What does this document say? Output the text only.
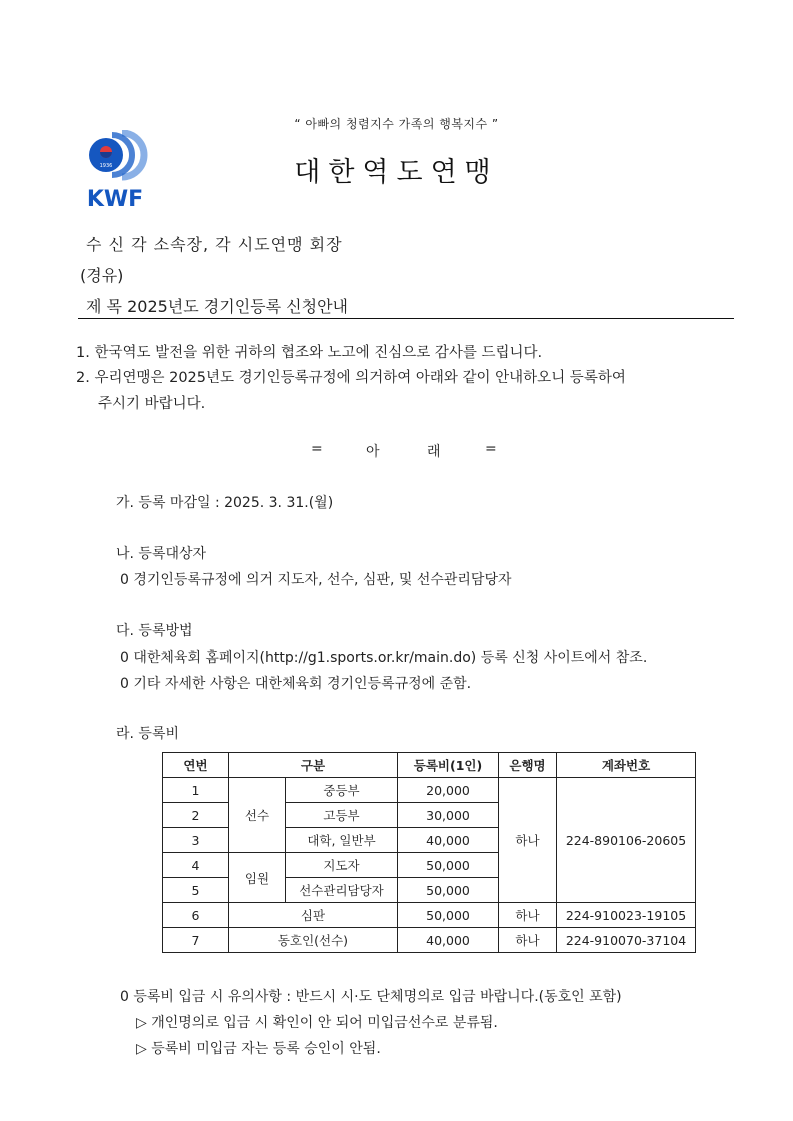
“ 아빠의 청렴지수 가족의 행복지수 ”
1936
KWF
대한역도연맹
수 신 각 소속장, 각 시도연맹 회장
(경유)
제 목 2025년도 경기인등록 신청안내
1. 한국역도 발전을 위한 귀하의 협조와 노고에 진심으로 감사를 드립니다.
2. 우리연맹은 2025년도 경기인등록규정에 의거하여 아래와 같이 안내하오니 등록하여
주시기 바랍니다.
=	아	래	=
가. 등록 마감일 : 2025. 3. 31.(월)
나. 등록대상자
0 경기인등록규정에 의거 지도자, 선수, 심판, 및 선수관리담당자
다. 등록방법
0 대한체육회 홈페이지(http://g1.sports.or.kr/main.do) 등록 신청 사이트에서 참조.
0 기타 자세한 사항은 대한체육회 경기인등록규정에 준함.
라. 등록비
연번	구분		등록비(1인)	은행명	계좌번호
1	선수	중등부	20,000	하나	224-890106-20605
2		고등부	30,000		
3		대학, 일반부	40,000		
4	임원	지도자	50,000		
5		선수관리담당자	50,000		
6	심판		50,000	하나	224-910023-19105
7	동호인(선수)		40,000	하나	224-910070-37104
0 등록비 입금 시 유의사항 : 반드시 시·도 단체명의로 입금 바랍니다.(동호인 포함)
▷ 개인명의로 입금 시 확인이 안 되어 미입금선수로 분류됨.
▷ 등록비 미입금 자는 등록 승인이 안됨.
